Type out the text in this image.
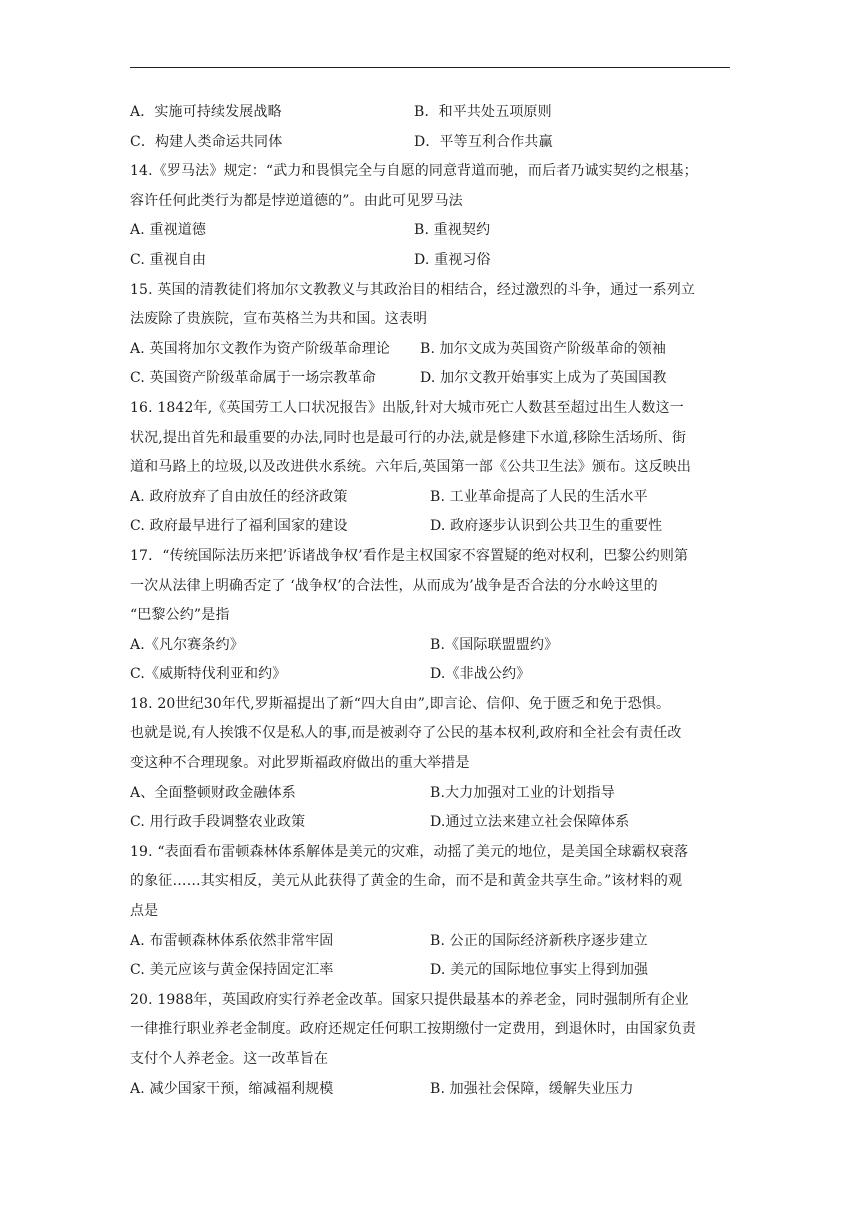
A．实施可持续发展战略	B．和平共处五项原则
C．构建人类命运共同体	D．平等互利合作共赢
14.《罗马法》规定：“武力和畏惧完全与自愿的同意背道而驰，而后者乃诚实契约之根基；
容许任何此类行为都是悖逆道德的”。由此可见罗马法
A. 重视道德	B. 重视契约
C. 重视自由	D. 重视习俗
15. 英国的清教徒们将加尔文教教义与其政治目的相结合，经过激烈的斗争，通过一系列立
法废除了贵族院，宣布英格兰为共和国。这表明
A. 英国将加尔文教作为资产阶级革命理论	B. 加尔文成为英国资产阶级革命的领袖
C. 英国资产阶级革命属于一场宗教革命	D. 加尔文教开始事实上成为了英国国教
16. 1842年,《英国劳工人口状况报告》出版,针对大城市死亡人数甚至超过出生人数这一
状况,提出首先和最重要的办法,同时也是最可行的办法,就是修建下水道,移除生活场所、街
道和马路上的垃圾,以及改进供水系统。六年后,英国第一部《公共卫生法》颁布。这反映出
A. 政府放弃了自由放任的经济政策	B. 工业革命提高了人民的生活水平
C. 政府最早进行了福利国家的建设	D. 政府逐步认识到公共卫生的重要性
17．“传统国际法历来把’诉诸战争权’看作是主权国家不容置疑的绝对权利，巴黎公约则第
一次从法律上明确否定了 ‘战争权’的合法性，从而成为’战争是否合法的分水岭这里的
“巴黎公约”是指
A.《凡尔赛条约》	B.《国际联盟盟约》
C.《威斯特伐利亚和约》	D.《非战公约》
18. 20世纪30年代,罗斯福提出了新“四大自由”,即言论、信仰、免于匮乏和免于恐惧。
也就是说,有人挨饿不仅是私人的事,而是被剥夺了公民的基本权利,政府和全社会有责任改
变这种不合理现象。对此罗斯福政府做出的重大举措是
A、全面整顿财政金融体系	B.大力加强对工业的计划指导
C. 用行政手段调整农业政策	D.通过立法来建立社会保障体系
19. “表面看布雷顿森林体系解体是美元的灾难，动摇了美元的地位，是美国全球霸权衰落
的象征……其实相反，美元从此获得了黄金的生命，而不是和黄金共享生命。”该材料的观
点是
A. 布雷顿森林体系依然非常牢固	B. 公正的国际经济新秩序逐步建立
C. 美元应该与黄金保持固定汇率	D. 美元的国际地位事实上得到加强
20. 1988年，英国政府实行养老金改革。国家只提供最基本的养老金，同时强制所有企业
一律推行职业养老金制度。政府还规定任何职工按期缴付一定费用，到退休时，由国家负责
支付个人养老金。这一改革旨在
A. 减少国家干预，缩减福利规模	B. 加强社会保障，缓解失业压力
